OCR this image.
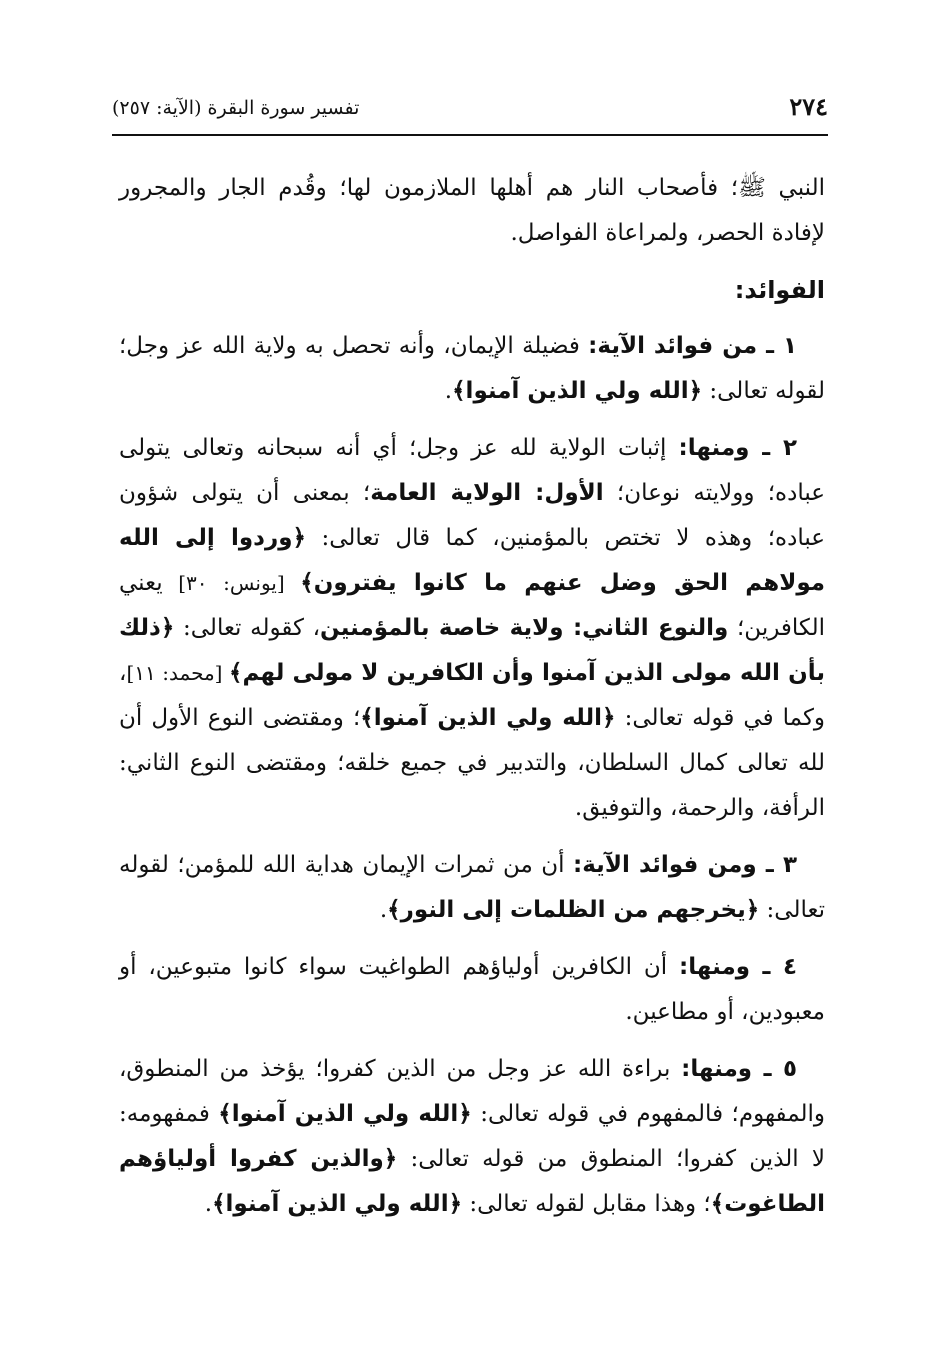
٢٧٤
تفسير سورة البقرة (الآية: ٢٥٧)

النبي ﷺ؛ فأصحاب النار هم أهلها الملازمون لها؛ وقُدم الجار والمجرور لإفادة الحصر، ولمراعاة الفواصل.

الفوائد:

١ ـ من فوائد الآية: فضيلة الإيمان، وأنه تحصل به ولاية الله عز وجل؛ لقوله تعالى: ﴿الله ولي الذين آمنوا﴾.

٢ ـ ومنها: إثبات الولاية لله عز وجل؛ أي أنه سبحانه وتعالى يتولى عباده؛ وولايته نوعان؛ الأول: الولاية العامة؛ بمعنى أن يتولى شؤون عباده؛ وهذه لا تختص بالمؤمنين، كما قال تعالى: ﴿وردوا إلى الله مولاهم الحق وضل عنهم ما كانوا يفترون﴾ [يونس: ٣٠] يعني الكافرين؛ والنوع الثاني: ولاية خاصة بالمؤمنين، كقوله تعالى: ﴿ذلك بأن الله مولى الذين آمنوا وأن الكافرين لا مولى لهم﴾ [محمد: ١١]، وكما في قوله تعالى: ﴿الله ولي الذين آمنوا﴾؛ ومقتضى النوع الأول أن لله تعالى كمال السلطان، والتدبير في جميع خلقه؛ ومقتضى النوع الثاني: الرأفة، والرحمة، والتوفيق.

٣ ـ ومن فوائد الآية: أن من ثمرات الإيمان هداية الله للمؤمن؛ لقوله تعالى: ﴿يخرجهم من الظلمات إلى النور﴾.

٤ ـ ومنها: أن الكافرين أولياؤهم الطواغيت سواء كانوا متبوعين، أو معبودين، أو مطاعين.

٥ ـ ومنها: براءة الله عز وجل من الذين كفروا؛ يؤخذ من المنطوق، والمفهوم؛ فالمفهوم في قوله تعالى: ﴿الله ولي الذين آمنوا﴾ فمفهومه: لا الذين كفروا؛ المنطوق من قوله تعالى: ﴿والذين كفروا أولياؤهم الطاغوت﴾؛ وهذا مقابل لقوله تعالى: ﴿الله ولي الذين آمنوا﴾.
